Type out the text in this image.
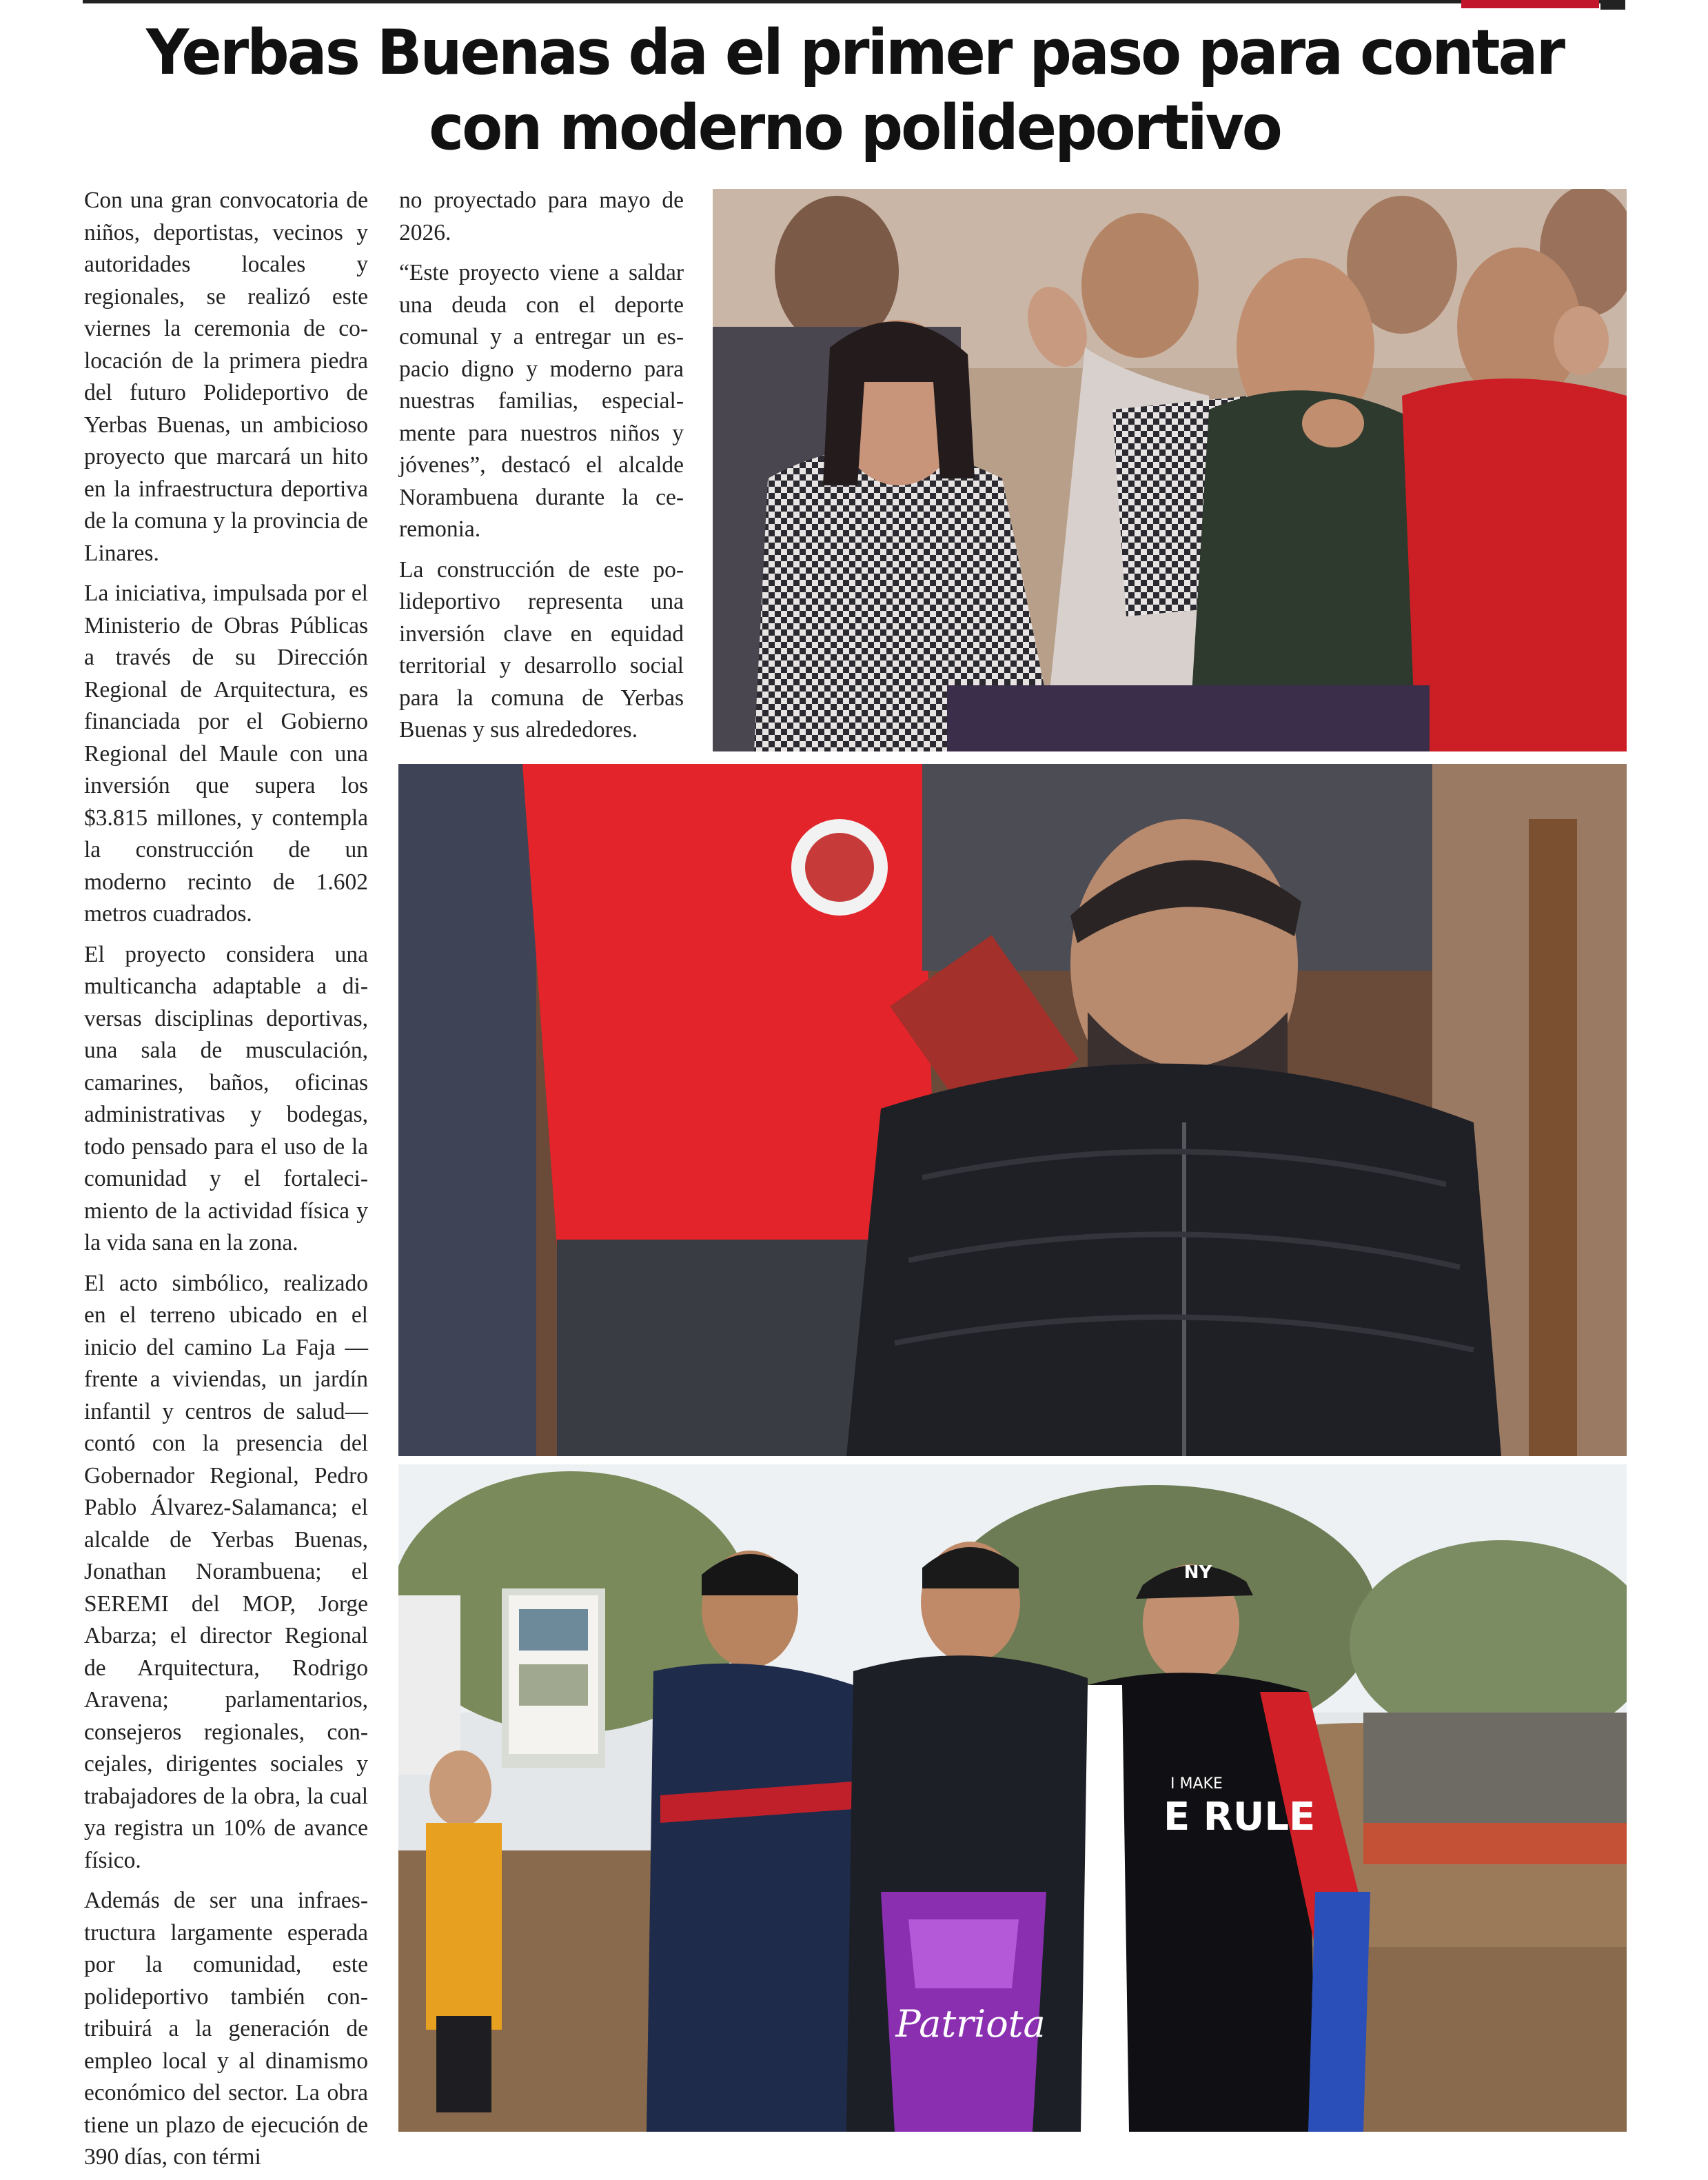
Yerbas Buenas da el primer paso para contar
con moderno polideportivo

Con una gran convocatoria de niños, deportistas, vecinos y autoridades locales y regionales, se realizó este viernes la ceremonia de colocación de la primera piedra del futuro Polideportivo de Yerbas Buenas, un ambicioso proyecto que marcará un hito en la infraestructura deportiva de la comuna y la provincia de Linares.

La iniciativa, impulsada por el Ministerio de Obras Públicas a través de su Dirección Regional de Arquitectura, es financiada por el Gobierno Regional del Maule con una inversión que supera los $3.815 millones, y contempla la construcción de un moderno recinto de 1.602 metros cuadrados.

El proyecto considera una multicancha adaptable a diversas disciplinas deportivas, una sala de musculación, camarines, baños, oficinas administrativas y bodegas, todo pensado para el uso de la comunidad y el fortalecimiento de la actividad física y la vida sana en la zona.

El acto simbólico, realizado en el terreno ubicado en el inicio del camino La Faja —frente a viviendas, un jardín infantil y centros de salud— contó con la presencia del Gobernador Regional, Pedro Pablo Álvarez-Salamanca; el alcalde de Yerbas Buenas, Jonathan Norambuena; el SEREMI del MOP, Jorge Abarza; el director Regional de Arquitectura, Rodrigo Aravena; parlamentarios, consejeros regionales, concejales, dirigentes sociales y trabajadores de la obra, la cual ya registra un 10% de avance físico.

Además de ser una infraestructura largamente esperada por la comunidad, este polideportivo también contribuirá a la generación de empleo local y al dinamismo económico del sector. La obra tiene un plazo de ejecución de 390 días, con térmi

no proyectado para mayo de 2026.

“Este proyecto viene a saldar una deuda con el deporte comunal y a entregar un espacio digno y moderno para nuestras familias, especialmente para nuestros niños y jóvenes”, destacó el alcalde Norambuena durante la ceremonia.

La construcción de este polideportivo representa una inversión clave en equidad territorial y desarrollo social para la comuna de Yerbas Buenas y sus alrededores.

Patriota
NY
I MAKE
E RULE
